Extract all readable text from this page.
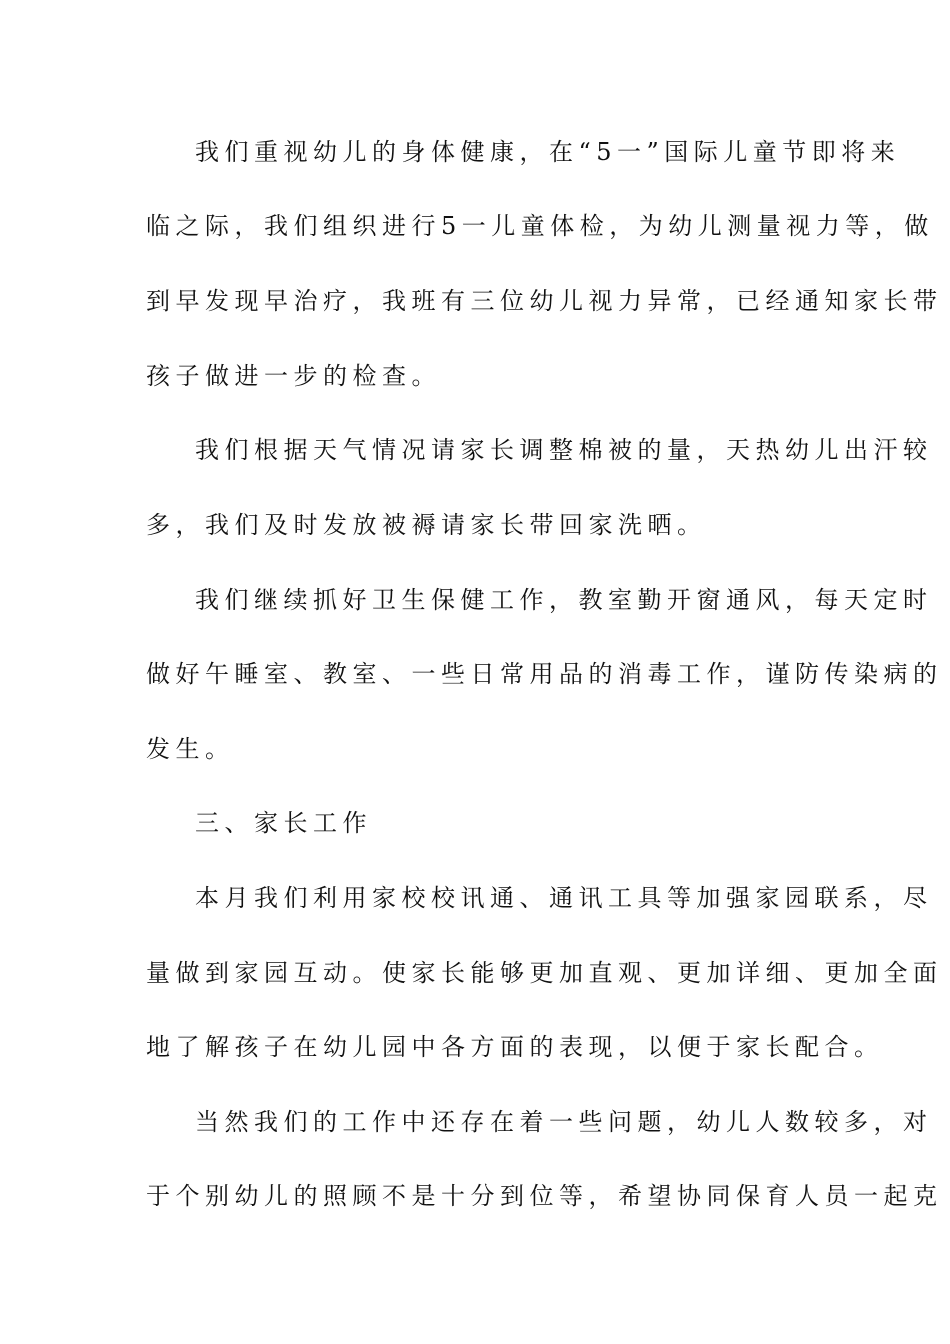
我们重视幼儿的身体健康，在“5一”国际儿童节即将来
临之际，我们组织进行5一儿童体检，为幼儿测量视力等，做
到早发现早治疗，我班有三位幼儿视力异常，已经通知家长带
孩子做进一步的检查。
我们根据天气情况请家长调整棉被的量，天热幼儿出汗较
多，我们及时发放被褥请家长带回家洗晒。
我们继续抓好卫生保健工作，教室勤开窗通风，每天定时
做好午睡室、教室、一些日常用品的消毒工作，谨防传染病的
发生。
三、家长工作
本月我们利用家校校讯通、通讯工具等加强家园联系，尽
量做到家园互动。使家长能够更加直观、更加详细、更加全面
地了解孩子在幼儿园中各方面的表现，以便于家长配合。
当然我们的工作中还存在着一些问题，幼儿人数较多，对
于个别幼儿的照顾不是十分到位等，希望协同保育人员一起克
